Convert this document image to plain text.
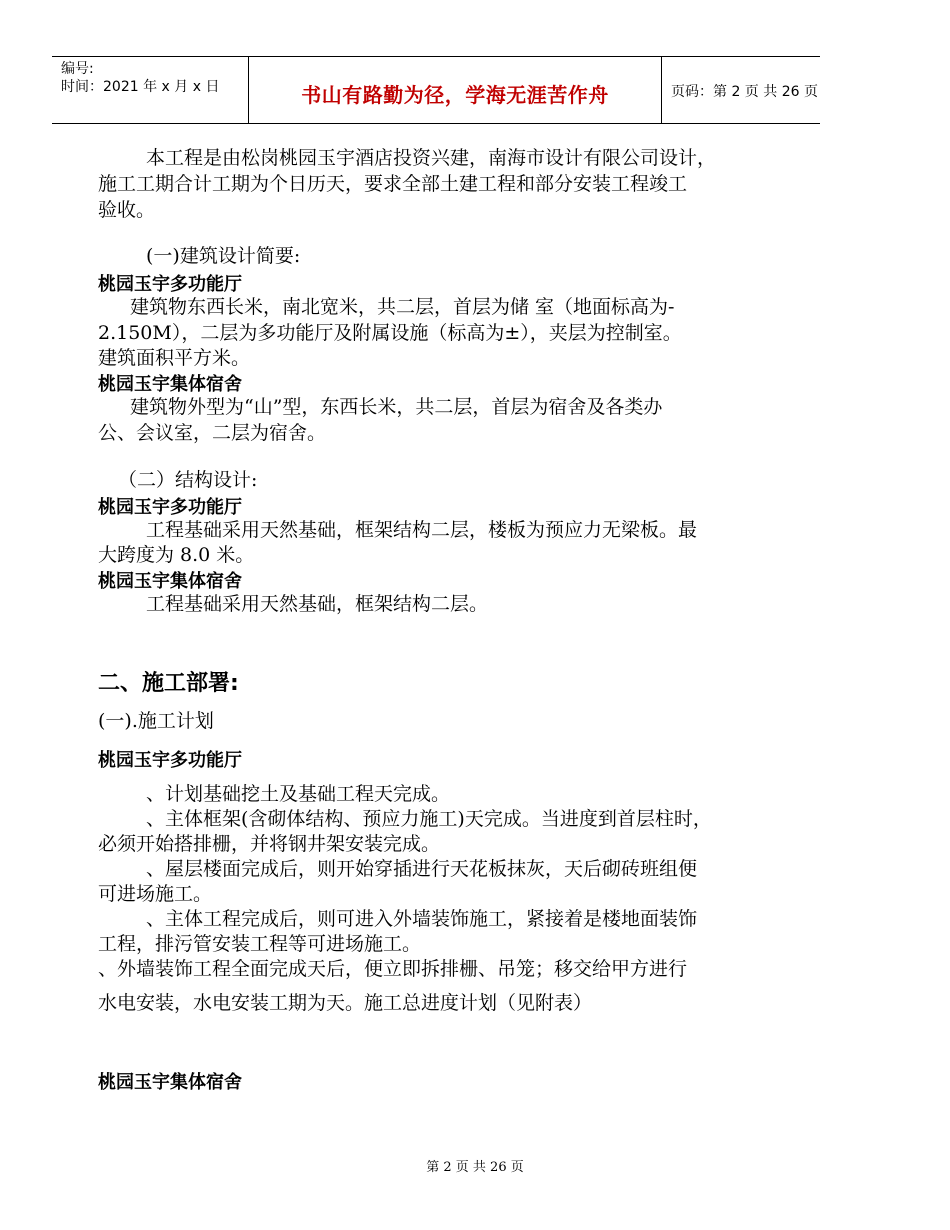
编号:
时间：2021 年 x 月 x 日	书山有路勤为径，学海无涯苦作舟	页码：第 2 页 共 26 页
本工程是由松岗桃园玉宇酒店投资兴建，南海市设计有限公司设计，
施工工期合计工期为个日历天，要求全部土建工程和部分安装工程竣工
验收。
(一)建筑设计简要:
桃园玉宇多功能厅
建筑物东西长米，南北宽米，共二层，首层为储 室（地面标高为-
2.150M），二层为多功能厅及附属设施（标高为±），夹层为控制室。
建筑面积平方米。
桃园玉宇集体宿舍
建筑物外型为“山”型，东西长米，共二层，首层为宿舍及各类办
公、会议室，二层为宿舍。
（二）结构设计:
桃园玉宇多功能厅
工程基础采用天然基础，框架结构二层，楼板为预应力无梁板。最
大跨度为 8.0 米。
桃园玉宇集体宿舍
工程基础采用天然基础，框架结构二层。
二、施工部署:
(一).施工计划
桃园玉宇多功能厅
、计划基础挖土及基础工程天完成。
、主体框架(含砌体结构、预应力施工)天完成。当进度到首层柱时，
必须开始搭排栅，并将钢井架安装完成。
、屋层楼面完成后，则开始穿插进行天花板抹灰，天后砌砖班组便
可进场施工。
、主体工程完成后，则可进入外墙装饰施工，紧接着是楼地面装饰
工程，排污管安装工程等可进场施工。
、外墙装饰工程全面完成天后，便立即拆排栅、吊笼；移交给甲方进行
水电安装，水电安装工期为天。施工总进度计划（见附表）
桃园玉宇集体宿舍
第 2 页 共 26 页
